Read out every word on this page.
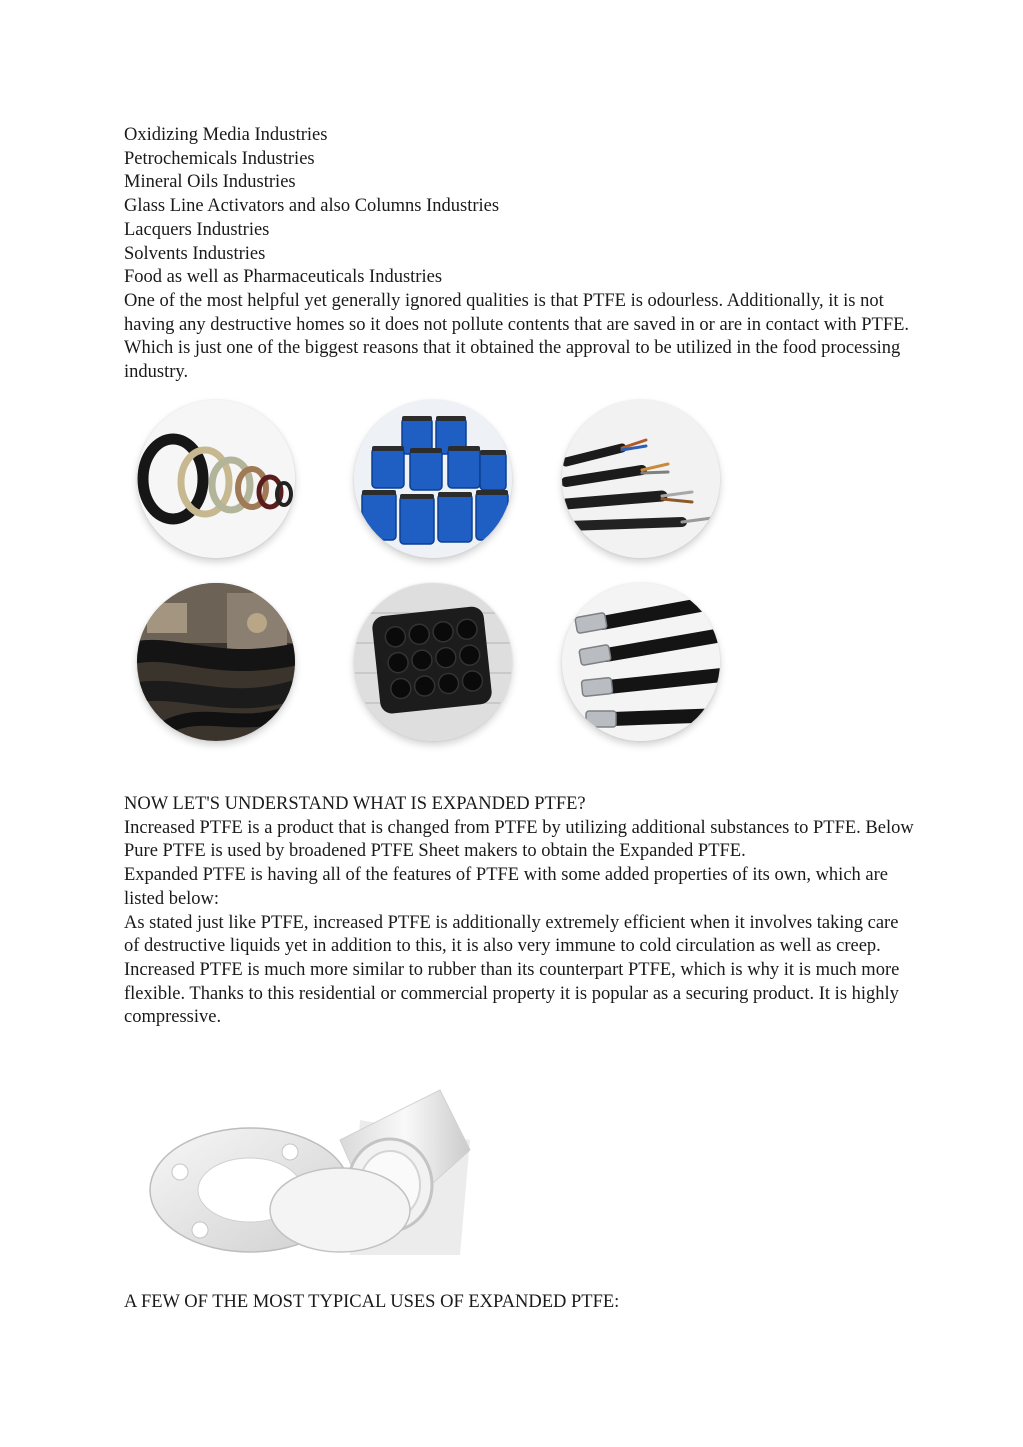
Oxidizing Media Industries

Petrochemicals Industries

Mineral Oils Industries

Glass Line Activators and also Columns Industries

Lacquers Industries

Solvents Industries

Food as well as Pharmaceuticals Industries

One of the most helpful yet generally ignored qualities is that PTFE is odourless. Additionally, it is not having any destructive homes so it does not pollute contents that are saved in or are in contact with PTFE. Which is just one of the biggest reasons that it obtained the approval to be utilized in the food processing industry.

NOW LET'S UNDERSTAND WHAT IS EXPANDED PTFE?

Increased PTFE is a product that is changed from PTFE by utilizing additional substances to PTFE. Below Pure PTFE is used by broadened PTFE Sheet makers to obtain the Expanded PTFE.

Expanded PTFE is having all of the features of PTFE with some added properties of its own, which are listed below:

As stated just like PTFE, increased PTFE is additionally extremely efficient when it involves taking care of destructive liquids yet in addition to this, it is also very immune to cold circulation as well as creep.

Increased PTFE is much more similar to rubber than its counterpart PTFE, which is why it is much more flexible. Thanks to this residential or commercial property it is popular as a securing product. It is highly compressive.

A FEW OF THE MOST TYPICAL USES OF EXPANDED PTFE:
